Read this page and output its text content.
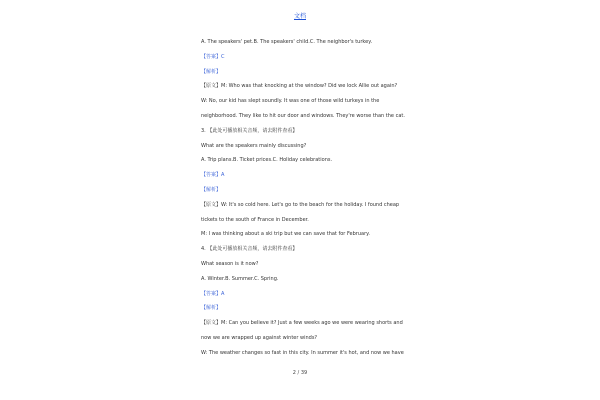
文档
A. The speakers' pet.B. The speakers' child.C. The neighbor's turkey.
【答案】C
【解析】
【原文】M: Who was that knocking at the window? Did we lock Allie out again?
W: No, our kid has slept soundly. It was one of those wild turkeys in the
neighborhood. They like to hit our door and windows. They're worse than the cat.
3. 【此处可播放相关音频，请去附件查看】
What are the speakers mainly discussing?
A. Trip plans.B. Ticket prices.C. Holiday celebrations.
【答案】A
【解析】
【原文】W: It's so cold here. Let's go to the beach for the holiday. I found cheap
tickets to the south of France in December.
M: I was thinking about a ski trip but we can save that for February.
4. 【此处可播放相关音频，请去附件查看】
What season is it now?
A. Winter.B. Summer.C. Spring.
【答案】A
【解析】
【原文】M: Can you believe it? Just a few weeks ago we were wearing shorts and
now we are wrapped up against winter winds?
W: The weather changes so fast in this city. In summer it's hot, and now we have
2 / 39
